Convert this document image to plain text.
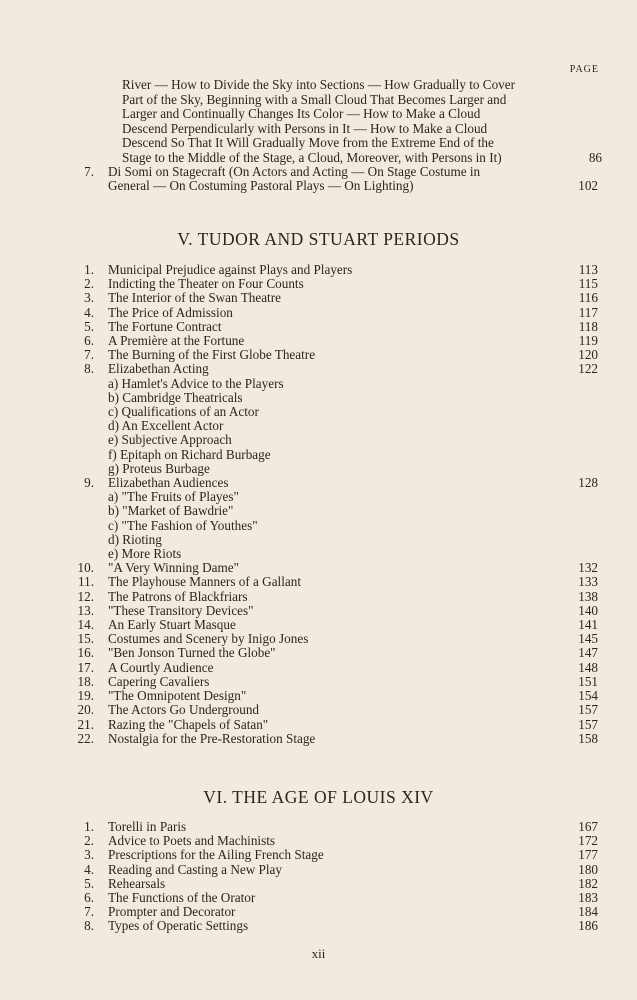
PAGE
River — How to Divide the Sky into Sections — How Gradually to Cover
Part of the Sky, Beginning with a Small Cloud That Becomes Larger and
Larger and Continually Changes Its Color — How to Make a Cloud
Descend Perpendicularly with Persons in It — How to Make a Cloud
Descend So That It Will Gradually Move from the Extreme End of the
Stage to the Middle of the Stage, a Cloud, Moreover, with Persons in It)	86
7.	Di Somi on Stagecraft (On Actors and Acting — On Stage Costume in
General — On Costuming Pastoral Plays — On Lighting)	102
V. TUDOR AND STUART PERIODS
1.	Municipal Prejudice against Plays and Players	113
2.	Indicting the Theater on Four Counts	115
3.	The Interior of the Swan Theatre	116
4.	The Price of Admission	117
5.	The Fortune Contract	118
6.	A Première at the Fortune	119
7.	The Burning of the First Globe Theatre	120
8.	Elizabethan Acting	122
a) Hamlet's Advice to the Players
b) Cambridge Theatricals
c) Qualifications of an Actor
d) An Excellent Actor
e) Subjective Approach
f) Epitaph on Richard Burbage
g) Proteus Burbage
9.	Elizabethan Audiences	128
a) "The Fruits of Playes"
b) "Market of Bawdrie"
c) "The Fashion of Youthes"
d) Rioting
e) More Riots
10.	"A Very Winning Dame"	132
11.	The Playhouse Manners of a Gallant	133
12.	The Patrons of Blackfriars	138
13.	"These Transitory Devices"	140
14.	An Early Stuart Masque	141
15.	Costumes and Scenery by Inigo Jones	145
16.	"Ben Jonson Turned the Globe"	147
17.	A Courtly Audience	148
18.	Capering Cavaliers	151
19.	"The Omnipotent Design"	154
20.	The Actors Go Underground	157
21.	Razing the "Chapels of Satan"	157
22.	Nostalgia for the Pre-Restoration Stage	158
VI. THE AGE OF LOUIS XIV
1.	Torelli in Paris	167
2.	Advice to Poets and Machinists	172
3.	Prescriptions for the Ailing French Stage	177
4.	Reading and Casting a New Play	180
5.	Rehearsals	182
6.	The Functions of the Orator	183
7.	Prompter and Decorator	184
8.	Types of Operatic Settings	186
xii
